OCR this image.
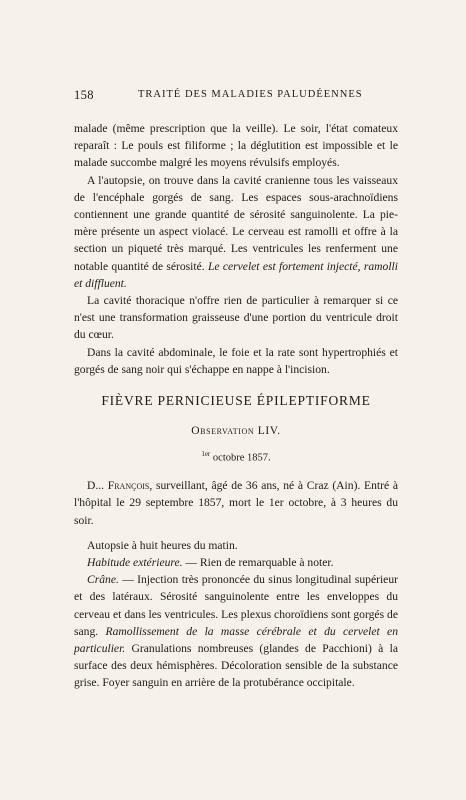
158	TRAITÉ DES MALADIES PALUDÉENNES

malade (même prescription que la veille). Le soir, l'état comateux reparaît : Le pouls est filiforme ; la déglutition est impossible et le malade succombe malgré les moyens révulsifs employés.

A l'autopsie, on trouve dans la cavité cranienne tous les vaisseaux de l'encéphale gorgés de sang. Les espaces sous-arachnoïdiens contiennent une grande quantité de sérosité sanguinolente. La pie-mère présente un aspect violacé. Le cerveau est ramolli et offre à la section un piqueté très marqué. Les ventricules les renferment une notable quantité de sérosité. Le cervelet est fortement injecté, ramolli et diffluent.

La cavité thoracique n'offre rien de particulier à remarquer si ce n'est une transformation graisseuse d'une portion du ventricule droit du cœur.

Dans la cavité abdominale, le foie et la rate sont hypertrophiés et gorgés de sang noir qui s'échappe en nappe à l'incision.

FIÈVRE PERNICIEUSE ÉPILEPTIFORME
Observation LIV.
$^{1er}$ octobre 1857.

D... François, surveillant, âgé de 36 ans, né à Craz (Ain). Entré à l'hôpital le 29 septembre 1857, mort le 1er octobre, à 3 heures du soir.

Autopsie à huit heures du matin.

Habitude extérieure. — Rien de remarquable à noter.

Crâne. — Injection très prononcée du sinus longitudinal supérieur et des latéraux. Sérosité sanguinolente entre les enveloppes du cerveau et dans les ventricules. Les plexus choroïdiens sont gorgés de sang. Ramollissement de la masse cérébrale et du cervelet en particulier. Granulations nombreuses (glandes de Pacchioni) à la surface des deux hémisphères. Décoloration sensible de la substance grise. Foyer sanguin en arrière de la protubérance occipitale.
